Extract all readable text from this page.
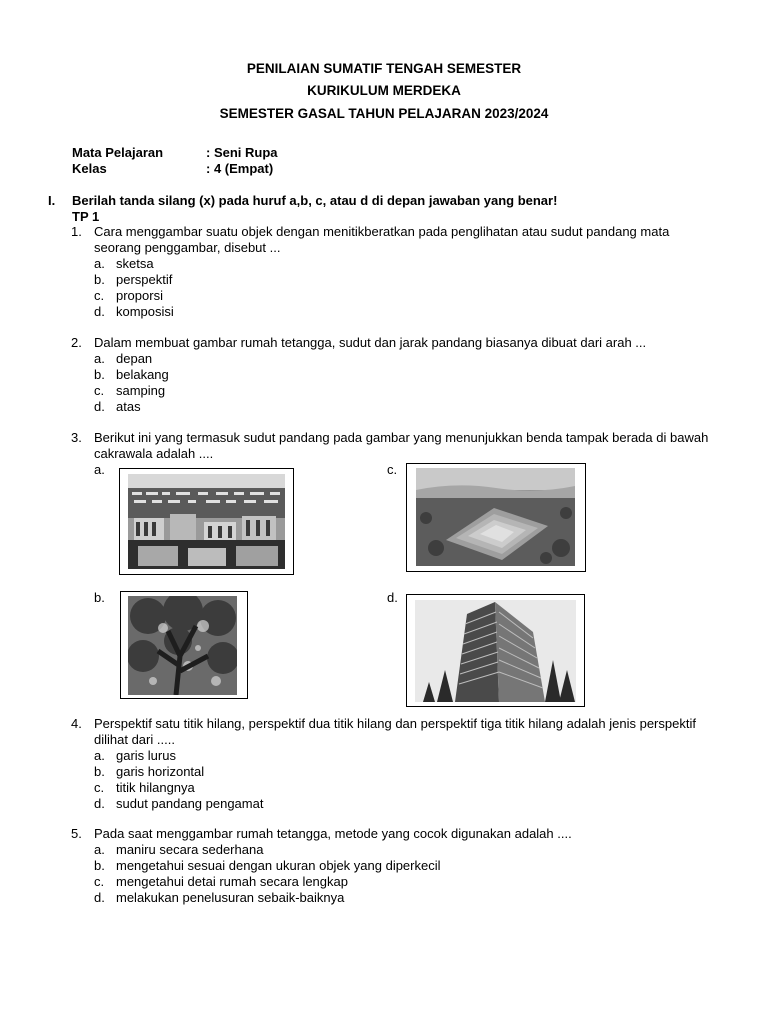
PENILAIAN SUMATIF TENGAH SEMESTER
KURIKULUM MERDEKA
SEMESTER GASAL TAHUN PELAJARAN 2023/2024
Mata Pelajaran	: Seni Rupa
Kelas	: 4 (Empat)
I. Berilah tanda silang (x) pada huruf a,b, c, atau d di depan jawaban yang benar!
TP 1
1. Cara menggambar suatu objek dengan menitikberatkan pada penglihatan atau sudut pandang mata seorang penggambar, disebut ...
a. sketsa
b. perspektif
c. proporsi
d. komposisi
2. Dalam membuat gambar rumah tetangga, sudut dan jarak pandang biasanya dibuat dari arah ...
a. depan
b. belakang
c. samping
d. atas
3. Berikut ini yang termasuk sudut pandang pada gambar yang menunjukkan benda tampak berada di bawah cakrawala adalah ....
a.	c.
b.	d.
4. Perspektif satu titik hilang, perspektif dua titik hilang dan perspektif tiga titik hilang adalah jenis perspektif dilihat dari .....
a. garis lurus
b. garis horizontal
c. titik hilangnya
d. sudut pandang pengamat
5. Pada saat menggambar rumah tetangga, metode yang cocok digunakan adalah ....
a. maniru secara sederhana
b. mengetahui sesuai dengan ukuran objek yang diperkecil
c. mengetahui detai rumah secara lengkap
d. melakukan penelusuran sebaik-baiknya
